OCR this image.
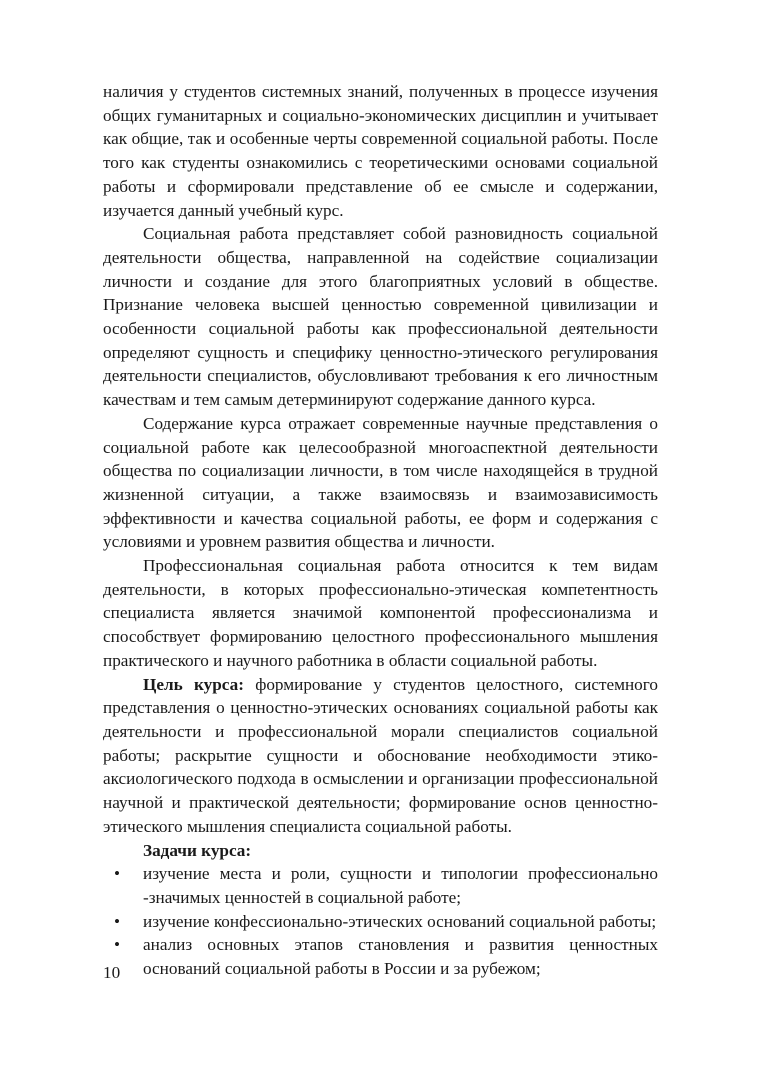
наличия у студентов системных знаний, полученных в процессе изучения общих гуманитарных и социально-экономических дисциплин и учитывает как общие, так и особенные черты современной социальной работы. После того как студенты ознакомились с теоретическими основами социальной работы и сформировали представление об ее смысле и содержании, изучается данный учебный курс.

Социальная работа представляет собой разновидность социальной деятельности общества, направленной на содействие социализации личности и создание для этого благоприятных условий в обществе. Признание человека высшей ценностью современной цивилизации и особенности социальной работы как профессиональной деятельности определяют сущность и специфику ценностно-этического регулирования деятельности специалистов, обусловливают требования к его личностным качествам и тем самым детерминируют содержание данного курса.

Содержание курса отражает современные научные представления о социальной работе как целесообразной многоаспектной деятельности общества по социализации личности, в том числе находящейся в трудной жизненной ситуации, а также взаимосвязь и взаимозависимость эффективности и качества социальной работы, ее форм и содержания с условиями и уровнем развития общества и личности.

Профессиональная социальная работа относится к тем видам деятельности, в которых профессионально-этическая компетентность специалиста является значимой компонентой профессионализма и способствует формированию целостного профессионального мышления практического и научного работника в области социальной работы.

Цель курса: формирование у студентов целостного, системного представления о ценностно-этических основаниях социальной работы как деятельности и профессиональной морали специалистов социальной работы; раскрытие сущности и обоснование необходимости этико-аксиологического подхода в осмыслении и организации профессиональной научной и практической деятельности; формирование основ ценностно-этического мышления специалиста социальной работы.

Задачи курса:

• изучение места и роли, сущности и типологии профессионально -значимых ценностей в социальной работе;
• изучение конфессионально-этических оснований социальной работы;
• анализ основных этапов становления и развития ценностных оснований социальной работы в России и за рубежом;
10
